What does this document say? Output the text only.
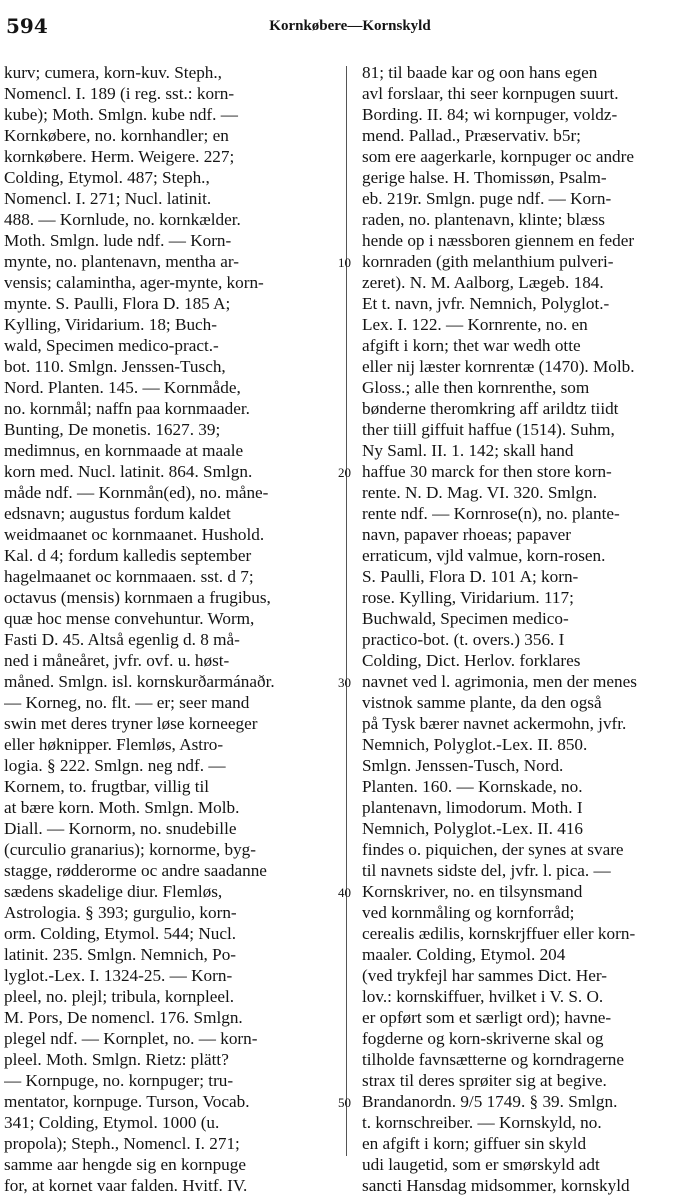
594	Kornkøbere—Kornskyld
kurv; cumera, korn-kuv. Steph.,
Nomencl. I. 189 (i reg. sst.: korn-
kube); Moth. Smlgn. kube ndf. —
Kornkøbere, no. kornhandler; en
kornkøbere. Herm. Weigere. 227;
Colding, Etymol. 487; Steph.,
Nomencl. I. 271; Nucl. latinit.
488. — Kornlude, no. kornkælder.
Moth. Smlgn. lude ndf. — Korn-
mynte, no. plantenavn, mentha ar-
vensis; calamintha, ager-mynte, korn-
mynte. S. Paulli, Flora D. 185 A;
Kylling, Viridarium. 18; Buch-
wald, Specimen medico-pract.-
bot. 110. Smlgn. Jenssen-Tusch,
Nord. Planten. 145. — Kornmåde,
no. kornmål; naffn paa kornmaader.
Bunting, De monetis. 1627. 39;
medimnus, en kornmaade at maale
korn med. Nucl. latinit. 864. Smlgn.
måde ndf. — Kornmån(ed), no. måne-
edsnavn; augustus fordum kaldet
weidmaanet oc kornmaanet. Hushold.
Kal. d 4; fordum kalledis september
hagelmaanet oc kornmaaen. sst. d 7;
octavus (mensis) kornmaen a frugibus,
quæ hoc mense convehuntur. Worm,
Fasti D. 45. Altså egenlig d. 8 må-
ned i måneåret, jvfr. ovf. u. høst-
måned. Smlgn. isl. kornskurðarmánaðr.
— Korneg, no. flt. — er; seer mand
swin met deres tryner løse korneeger
eller høknipper. Flemløs, Astro-
logia. § 222. Smlgn. neg ndf. —
Kornem, to. frugtbar, villig til
at bære korn. Moth. Smlgn. Molb.
Diall. — Kornorm, no. snudebille
(curculio granarius); kornorme, byg-
stagge, rødderorme oc andre saadanne
sædens skadelige diur. Flemløs,
Astrologia. § 393; gurgulio, korn-
orm. Colding, Etymol. 544; Nucl.
latinit. 235. Smlgn. Nemnich, Po-
lyglot.-Lex. I. 1324-25. — Korn-
pleel, no. plejl; tribula, kornpleel.
M. Pors, De nomencl. 176. Smlgn.
plegel ndf. — Kornplet, no. — korn-
pleel. Moth. Smlgn. Rietz: plätt?
— Kornpuge, no. kornpuger; tru-
mentator, kornpuge. Turson, Vocab.
341; Colding, Etymol. 1000 (u.
propola); Steph., Nomencl. I. 271;
samme aar hengde sig en kornpuge
for, at kornet vaar falden. Hvitf. IV.
10
20
30
40
50
81; til baade kar og oon hans egen
avl forslaar, thi seer kornpugen suurt.
Bording. II. 84; wi kornpuger, voldz-
mend. Pallad., Præservativ. b5r;
som ere aagerkarle, kornpuger oc andre
gerige halse. H. Thomissøn, Psalm-
eb. 219r. Smlgn. puge ndf. — Korn-
raden, no. plantenavn, klinte; blæss
hende op i næssboren giennem en feder
kornraden (gith melanthium pulveri-
zeret). N. M. Aalborg, Lægeb. 184.
Et t. navn, jvfr. Nemnich, Polyglot.-
Lex. I. 122. — Kornrente, no. en
afgift i korn; thet war wedh otte
eller nij læster kornrentæ (1470). Molb.
Gloss.; alle then kornrenthe, som
bønderne theromkring aff arildtz tiidt
ther tiill giffuit haffue (1514). Suhm,
Ny Saml. II. 1. 142; skall hand
haffue 30 marck for then store korn-
rente. N. D. Mag. VI. 320. Smlgn.
rente ndf. — Kornrose(n), no. plante-
navn, papaver rhoeas; papaver
erraticum, vjld valmue, korn-rosen.
S. Paulli, Flora D. 101 A; korn-
rose. Kylling, Viridarium. 117;
Buchwald, Specimen medico-
practico-bot. (t. overs.) 356. I
Colding, Dict. Herlov. forklares
navnet ved l. agrimonia, men der menes
vistnok samme plante, da den også
på Tysk bærer navnet ackermohn, jvfr.
Nemnich, Polyglot.-Lex. II. 850.
Smlgn. Jenssen-Tusch, Nord.
Planten. 160. — Kornskade, no.
plantenavn, limodorum. Moth. I
Nemnich, Polyglot.-Lex. II. 416
findes o. piquichen, der synes at svare
til navnets sidste del, jvfr. l. pica. —
Kornskriver, no. en tilsynsmand
ved kornmåling og kornforråd;
cerealis ædilis, kornskrjffuer eller korn-
maaler. Colding, Etymol. 204
(ved trykfejl har sammes Dict. Her-
lov.: kornskiffuer, hvilket i V. S. O.
er opført som et særligt ord); havne-
fogderne og korn-skriverne skal og
tilholde favnsætterne og korndragerne
strax til deres sprøiter sig at begive.
Brandanordn. 9/5 1749. § 39. Smlgn.
t. kornschreiber. — Kornskyld, no.
en afgift i korn; giffuer sin skyld
udi laugetid, som er smørskyld adt
sancti Hansdag midsommer, kornskyld
